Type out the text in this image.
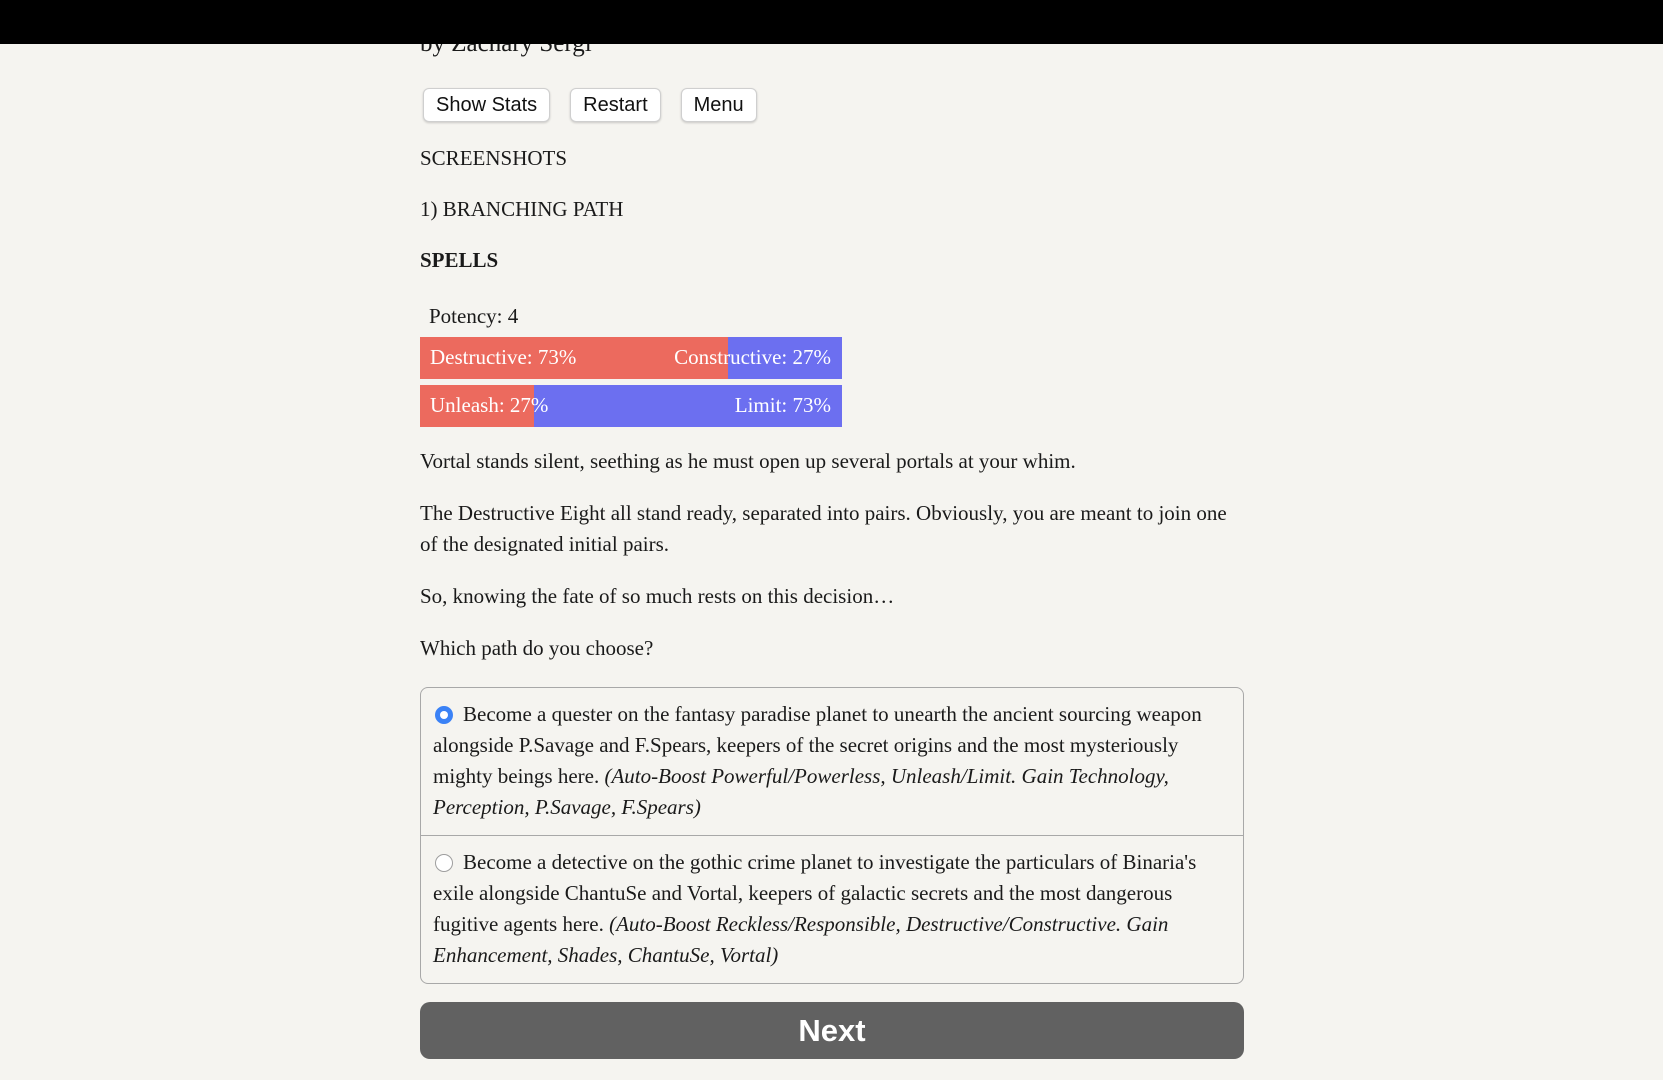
Show Stats	Restart	Menu
SCREENSHOTS
1) BRANCHING PATH
SPELLS
Potency: 4
Destructive: 73%	Constructive: 27%
Unleash: 27%	Limit: 73%
Vortal stands silent, seething as he must open up several portals at your whim.
The Destructive Eight all stand ready, separated into pairs. Obviously, you are meant to join one of the designated initial pairs.
So, knowing the fate of so much rests on this decision…
Which path do you choose?
Become a quester on the fantasy paradise planet to unearth the ancient sourcing weapon alongside P.Savage and F.Spears, keepers of the secret origins and the most mysteriously mighty beings here. (Auto-Boost Powerful/Powerless, Unleash/Limit. Gain Technology, Perception, P.Savage, F.Spears)
Become a detective on the gothic crime planet to investigate the particulars of Binaria's exile alongside ChantuSe and Vortal, keepers of galactic secrets and the most dangerous fugitive agents here. (Auto-Boost Reckless/Responsible, Destructive/Constructive. Gain Enhancement, Shades, ChantuSe, Vortal)
Next
